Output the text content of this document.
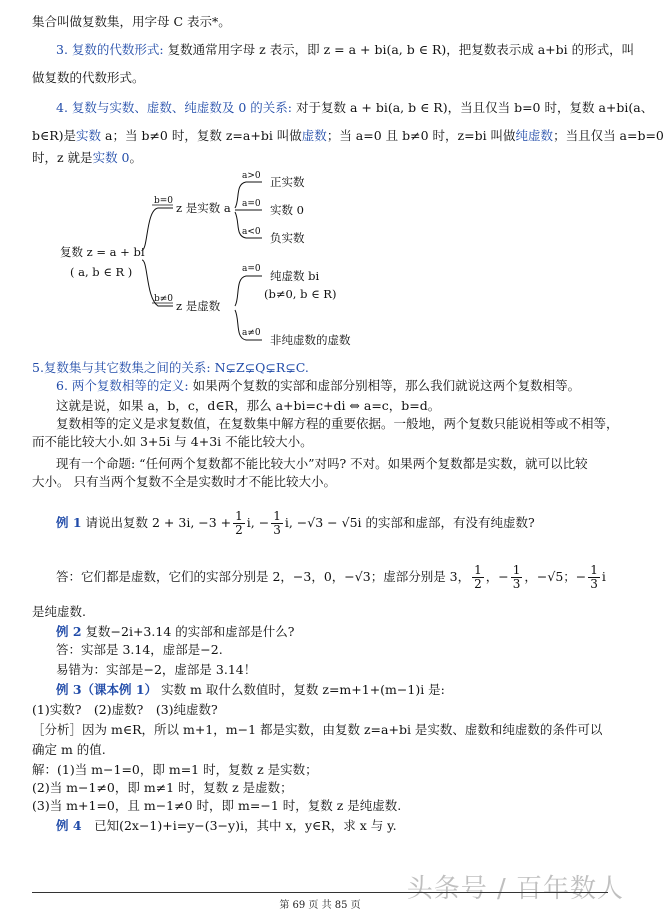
集合叫做复数集，用字母 C 表示*。
3. 复数的代数形式: 复数通常用字母 z 表示，即 z = a + bi(a, b ∈ R)，把复数表示成 a+bi 的形式，叫
做复数的代数形式。
4. 复数与实数、虚数、纯虚数及 0 的关系: 对于复数 a + bi(a, b ∈ R)，当且仅当 b=0 时，复数 a+bi(a、
b∈R)是实数 a；当 b≠0 时，复数 z=a+bi 叫做虚数；当 a=0 且 b≠0 时，z=bi 叫做纯虚数；当且仅当 a=b=0
时，z 就是实数 0。
复数 z = a + bi
( a, b ∈ R )
b=0
b≠0
z 是实数 a
z 是虚数
a>0
a=0
a<0
正实数
实数 0
负实数
a=0
a≠0
纯虚数 bi
(b≠0, b ∈ R)
非纯虚数的虚数
5.复数集与其它数集之间的关系: N⊊Z⊊Q⊊R⊊C.
6. 两个复数相等的定义: 如果两个复数的实部和虚部分别相等，那么我们就说这两个复数相等。
这就是说，如果 a，b，c，d∈R，那么 a+bi=c+di ⇔ a=c，b=d。
复数相等的定义是求复数值，在复数集中解方程的重要依据。一般地，两个复数只能说相等或不相等，
而不能比较大小.如 3+5i 与 4+3i 不能比较大小。
现有一个命题: “任何两个复数都不能比较大小”对吗? 不对。如果两个复数都是实数，就可以比较
大小。 只有当两个复数不全是实数时才不能比较大小。
例 1 请说出复数 2 + 3i, $-3 + \frac{1}{2} i$, − $\frac{1}{3} i$, −√3 − √5i 的实部和虚部，有没有纯虚数?
答：它们都是虚数，它们的实部分别是 2，−3，0，−√3；虚部分别是 3， $\frac{1}{2}$ ，− $\frac{1}{3}$ ，−√5；− $\frac{1}{3}$ i
是纯虚数.
例 2 复数−2i+3.14 的实部和虚部是什么?
答：实部是 3.14，虚部是−2.
易错为：实部是−2，虚部是 3.14！
例 3（课本例 1） 实数 m 取什么数值时，复数 z=m+1+(m−1)i 是:
(1)实数?　(2)虚数?　(3)纯虚数?
［分析］因为 m∈R，所以 m+1，m−1 都是实数，由复数 z=a+bi 是实数、虚数和纯虚数的条件可以
确定 m 的值.
解：(1)当 m−1=0，即 m=1 时，复数 z 是实数；
(2)当 m−1≠0，即 m≠1 时，复数 z 是虚数；
(3)当 m+1=0，且 m−1≠0 时，即 m=−1 时，复数 z 是纯虚数.
例 4　已知(2x−1)+i=y−(3−y)i，其中 x，y∈R，求 x 与 y.
头条号 / 百年数人
第 69 页 共 85 页
